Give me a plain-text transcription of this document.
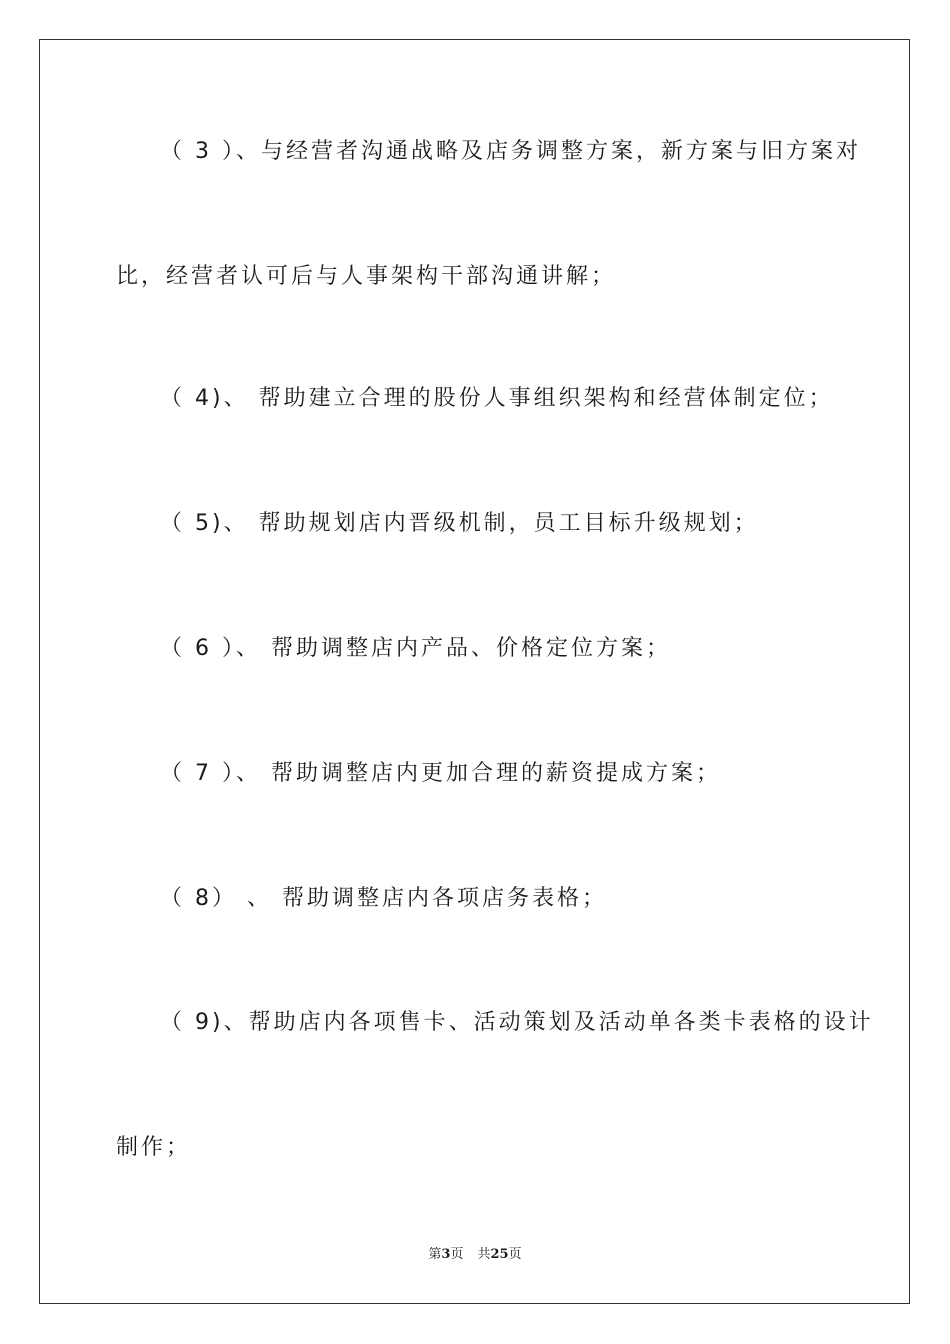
（ 3 ）、与经营者沟通战略及店务调整方案，新方案与旧方案对

比，经营者认可后与人事架构干部沟通讲解；

（ 4)、 帮助建立合理的股份人事组织架构和经营体制定位；

（ 5)、 帮助规划店内晋级机制，员工目标升级规划；

（ 6 ）、 帮助调整店内产品、价格定位方案；

（ 7 ）、 帮助调整店内更加合理的薪资提成方案；

（ 8） 、 帮助调整店内各项店务表格；

（ 9)、帮助店内各项售卡、活动策划及活动单各类卡表格的设计

制作；

第3页 共25页
